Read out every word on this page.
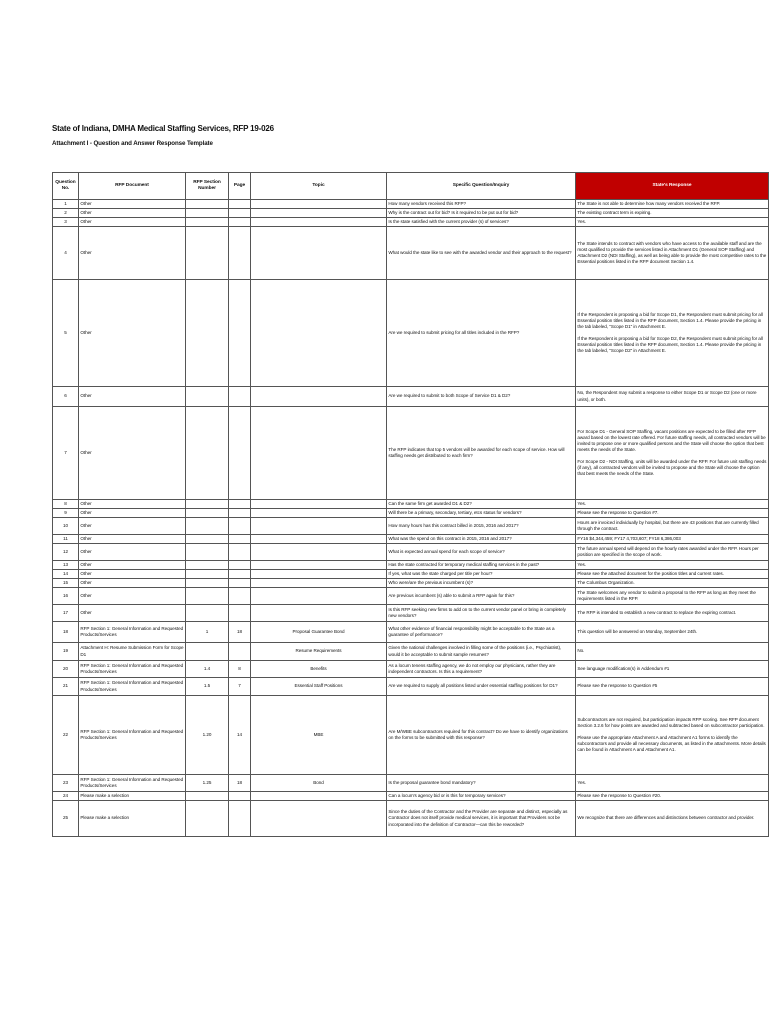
State of Indiana, DMHA Medical Staffing Services, RFP 19-026
Attachment I - Question and Answer Response Template
Question No.	RFP Document	RFP Section Number	Page	Topic	Specific Question/Inquiry	State's Response
1	Other				How many vendors received this RFP?	The State is not able to determine how many vendors received the RFP.

2	Other				Why is the contract out for bid? Is it required to be put out for bid?	The existing contract term is expiring.

3	Other				Is the state satisfied with the current provider (s) of services?	Yes.

4	Other				What would the state like to see with the awarded vendor and their approach to the request?	The State intends to contract with vendors who have access to the available staff and are the most qualified to provide the services listed in Attachment D1 (General SOP Staffing) and Attachment D2 (NDI Staffing), as well as being able to provide the most competitive rates to the Essential positions listed in the RFP document Section 1.4.

5	Other				Are we required to submit pricing for all titles included in the RFP?	If the Respondent is proposing a bid for Scope D1, the Respondent must submit pricing for all Essential position titles listed in the RFP document, Section 1.4. Please provide the pricing in the tab labeled, "Scope D1" in Attachment E.
If the Respondent is proposing a bid for Scope D2, the Respondent must submit pricing for all Essential position titles listed in the RFP document, Section 1.4. Please provide the pricing in the tab labeled, "Scope D2" in Attachment E.

6	Other				Are we required to submit to both Scope of Service D1 & D2?	No, the Respondent may submit a response to either Scope D1 or Scope D2 (one or more units), or both.

7	Other				The RFP indicates that top 5 vendors will be awarded for each scope of service. How will staffing needs get distributed to each firm?	For Scope D1 - General SOP Staffing, vacant positions are expected to be filled after RFP award based on the lowest rate offered. For future staffing needs, all contracted vendors will be invited to propose one or more qualified persons and the State will choose the option that best meets the needs of the State.
For Scope D2 - NDI Staffing, units will be awarded under the RFP. For future unit staffing needs (if any), all contracted vendors will be invited to propose and the State will choose the option that best meets the needs of the State.

8	Other				Can the same firm get awarded D1 & D2?	Yes.

9	Other				Will there be a primary, secondary, tertiary, etcs status for vendors?	Please see the response to Question #7.

10	Other				How many hours has this contract billed in 2015, 2016 and 2017?	Hours are invoiced individually by hospital, but there are 43 positions that are currently filled through the contract.

11	Other				What was the spend on this contract in 2015, 2016 and 2017?	FY16 $4,344,459; FY17 4,703,607; FY18 6,386,003

12	Other				What is expected annual spend for each scope of service?	The future annual spend will depend on the hourly rates awarded under the RFP. Hours per position are specified in the scope of work.

13	Other				Has the state contracted for temporary medical staffing services in the past?	Yes.

14	Other				If yes, what was the state charged per title per hour?	Please see the attached document for the position titles and current rates.

15	Other				Who were/are the previous incumbent (s)?	The Columbus Organization.

16	Other				Are previous incumbent (s) able to submit a RFP again for this?	The State welcomes any vendor to submit a proposal to the RFP as long as they meet the requirements listed in the RFP.

17	Other				Is this RFP seeking new firms to add on to the current vendor panel or bring in completely new vendors?	The RFP is intended to establish a new contract to replace the expiring contract.

18	RFP Section 1: General Information and Requested Products/Services	1	18	Proposal Guarantee Bond	What other evidence of financial responsibility might be acceptable to the State as a guarantee of performance?	This question will be answered on Monday, September 24th.

19	Attachment H: Resume Submission Form for Scope D1			Resume Requirements	Given the national challenges involved in filling some of the positions (i.e., Psychiatrist), would it be acceptable to submit sample resumes?	No.

20	RFP Section 1: General Information and Requested Products/Services	1.4	8	Benefits	As a locum tenens staffing agency, we do not employ our physicians, rather they are independent contractors. Is this a requirement?	See language modification(s) in Addendum #1

21	RFP Section 1: General Information and Requested Products/Services	1.5	7	Essential Staff Positions	Are we required to supply all positions listed under essential staffing positions for D1?	Please see the response to Question #5

22	RFP Section 1: General Information and Requested Products/Services	1.20	14	MBE	Are M/WBE subcontractors required for this contract? Do we have to identify organizations on the forms to be submitted with this response?	Subcontractors are not required, but participation impacts RFP scoring. See RFP document Section 3.2.6 for how points are awarded and subtracted based on subcontractor participation.
Please use the appropriate Attachment A and Attachment A1 forms to identify the subcontractors and provide all necessary documents, as listed in the attachments. More details can be found in Attachment A and Attachment A1.

23	RFP Section 1: General Information and Requested Products/Services	1.25	18	Bond	Is the proposal guarantee bond mandatory?	Yes.

24	Please make a selection				Can a locum's agency bid or is this for temporary services?	Please see the response to Question #20.

25	Please make a selection				Since the duties of the Contractor and the Provider are separate and distinct, especially as Contractor does not itself provide medical services, it is important that Providers not be incorporated into the definition of Contractor—can this be reworded?	We recognize that there are differences and distinctions between contractor and provider.
